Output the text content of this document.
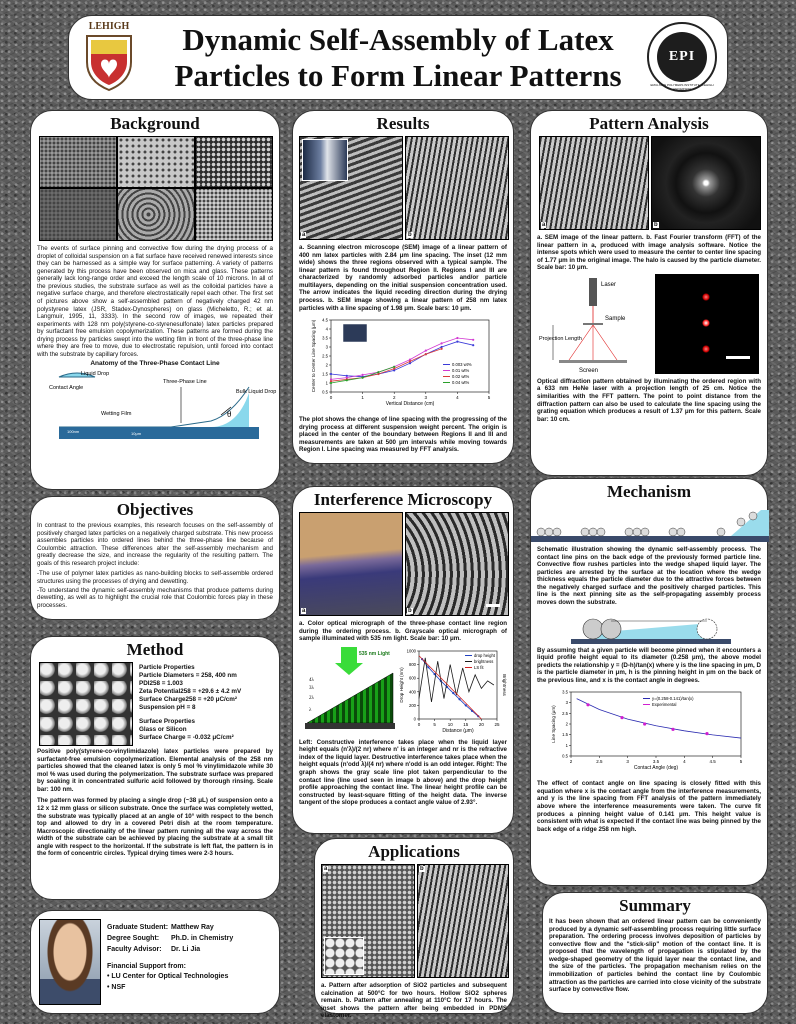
LEHIGH	Dynamic Self-Assembly of Latex
Particles to Form Linear Patterns
EPI
EMULSION POLYMERS INSTITUTE · LEHIGH UNIVERSITY
Background

The events of surface pinning and convective flow during the drying process of a droplet of colloidal suspension on a flat surface have received renewed interests since they can be harnessed as a simple way for surface patterning. A variety of patterns generated by this process have been observed on mica and glass. These patterns generally lack long-range order and exceed the length scale of 10 microns. In all of the previous studies, the substrate surface as well as the colloidal particles have a negative surface charge, and therefore electrostatically repel each other. The first set of pictures above show a self-assembled pattern of negatively charged 42 nm polystyrene latex (JSR, Stadex-Dynospheres) on glass (Micheletto, R.; et al. Langmuir, 1995, 11, 3333). In the second row of images, we repeated their experiments with 128 nm poly(styrene-co-styrenesulfonate) latex particles prepared by surfactant free emulsion copolymerization. These patterns are formed during the drying process by particles swept into the wetting film in front of the three-phase line where they are free to move, due to electrostatic repulsion, until forced into contact with the substrate by capillary forces.

Anatomy of the Three-Phase Contact Line
Liquid Drop
Contact Angle
Three-Phase Line
Bulk Liquid Drop
Wetting Film	θ
100nm	10μm
Objectives

In contrast to the previous examples, this research focuses on the self-assembly of positively charged latex particles on a negatively charged substrate. This new process assembles particles into ordered lines behind the three-phase line because of Coulombic attraction. These differences alter the self-assembly mechanism and greatly decrease the size, and increase the regularity of the resulting pattern. The goals of this research project include:

-The use of polymer latex particles as nano-building blocks to self-assemble ordered structures using the processes of drying and dewetting.

-To understand the dynamic self-assembly mechanisms that produce patterns during dewetting, as well as to highlight the crucial role that Coulombic forces play in these processes.

Method
Particle Properties
Particle Diameters = 258, 400 nm
PDI258 = 1.003
Zeta Potential258 = +29.6 ± 4.2 mV
Surface Charge258 = +20 μC/cm²
Suspension pH = 8
Surface Properties
Glass or Silicon
Surface Charge = -0.032 μC/cm²

Positive poly(styrene-co-vinylimidazole) latex particles were prepared by surfactant-free emulsion copolymerization. Elemental analysis of the 258 nm particles showed that the cleaned latex is only 5 mol % vinylimidazole while 30 mol % was used during the polymerization. The substrate surface was prepared by soaking it in concentrated sulfuric acid followed by thorough rinsing. Scale bar: 100 nm.

The pattern was formed by placing a single drop (~38 μL) of suspension onto a 12 x 12 mm glass or silicon substrate. Once the surface was completely wetted, the substrate was typically placed at an angle of 10° with respect to the bench top and allowed to dry in a covered Petri dish at the room temperature. Macroscopic directionality of the linear pattern running all the way across the width of the substrate can be achieved by placing the substrate at a small tilt angle with respect to the horizontal. If the substrate is left flat, the pattern is in the form of concentric circles. Typical drying times were 2-3 hours.

Graduate Student: Matthew Ray
Degree Sought: Ph.D. in Chemistry
Faculty Advisor: Dr. Li Jia
Financial Support from:
• LU Center for Optical Technologies
• NSF
Results
a	b

a. Scanning electron microscope (SEM) image of a linear pattern of 400 nm latex particles with 2.84 μm line spacing. The inset (12 mm wide) shows the three regions observed with a typical sample. The linear pattern is found throughout Region II. Regions I and III are characterized by randomly adsorbed particles and/or particle multilayers, depending on the initial suspension concentration used. The arrow indicates the liquid receding direction during the drying process. b. SEM image showing a linear pattern of 258 nm latex particles with a line spacing of 1.98 μm. Scale bars: 10 μm.

0	1	2	3	4	5
0.5
1
1.5
2
2.5
3
3.5
4
4.5
Vertical Distance (cm)
Center to Center Line Spacing (μm)	0.003 wt%
0.01 wt%
0.02 wt%
0.04 wt%

The plot shows the change of line spacing with the progressing of the drying process at different suspension weight percent. The origin is placed in the center of the boundary between Regions II and III and measurements are taken at 500 μm intervals while moving towards Region I. Line spacing was measured by FFT analysis.

Interference Microscopy
a	b

a. Color optical micrograph of the three-phase contact line region during the ordering process. b. Grayscale optical micrograph of sample illuminated with 535 nm light. Scale bar: 10 μm.

535 nm Light
3λ
4λ
2λ
λ
0	5	10 15 20 25
0
200
400
600
800
1000
Distance (μm)
Drop Height (nm)	Brightness
drop height
brightness
LS fit

Left: Constructive interference takes place when the liquid layer height equals (n'λ)/(2 nr) where n' is an integer and nr is the refractive index of the liquid layer. Destructive interference takes place when the height equals (n'odd λ)/(4 nr) where n'odd is an odd integer. Right: The graph shows the gray scale line plot taken perpendicular to the contact line (line used seen in image b above) and the drop height profile approaching the contact line. The linear height profile can be constructed by least-square fitting of the height data. The inverse tangent of the slope produces a contact angle value of 2.93°.

Applications
a	b

a. Pattern after adsorption of SiO2 particles and subsequent calcination at 500°C for two hours. Hollow SiO2 spheres remain. b. Pattern after annealing at 110°C for 17 hours. The inset shows the pattern after being embedded in PDMS elastomer.

Pattern Analysis
a	b

a. SEM image of the linear pattern. b. Fast Fourier transform (FFT) of the linear pattern in a, produced with image analysis software. Notice the intense spots which were used to measure the center to center line spacing of 1.77 μm in the original image. The halo is caused by the particle diameter. Scale bar: 10 μm.

Laser
Sample
Projection Length
Screen

Optical diffraction pattern obtained by illuminating the ordered region with a 633 nm HeNe laser with a projection length of 25 cm. Notice the similarities with the FFT pattern. The point to point distance from the diffraction pattern can also be used to calculate the line spacing using the grating equation which produces a result of 1.37 μm for this pattern. Scale bar: 10 cm.

Mechanism

Schematic illustration showing the dynamic self-assembly process. The contact line pins on the back edge of the previously formed particle line. Convective flow rushes particles into the wedge shaped liquid layer. The particles are arrested by the surface at the location where the wedge thickness equals the particle diameter due to the attractive forces between the negatively charged surface and the positively charged particles. This line is the next pinning site as the self-propagating assembly process moves down the substrate.

By assuming that a given particle will become pinned when it encounters a liquid profile height equal to its diameter (0.258 μm), the above model predicts the relationship y = (D-h)/tan(x) where y is the line spacing in μm, D is the particle diameter in μm, h is the pinning height in μm on the back of the previous line, and x is the contact angle in degrees.

2	2.5	3	3.5	4	4.5	5
0.5
1
1.5
2
2.5
3
3.5
Contact Angle (deg)
Line Spacing (μm)
y=(0.258-0.141)/tan(x)
Experimental

The effect of contact angle on line spacing is closely fitted with this equation where x is the contact angle from the interference measurements, and y is the line spacing from FFT analysis of the pattern immediately above where the interference measurements were taken. The curve fit produces a pinning height value of 0.141 μm. This height value is consistent with what is expected if the contact line was being pinned by the back edge of a ridge 258 nm high.

Summary

It has been shown that an ordered linear pattern can be conveniently produced by a dynamic self-assembling process requiring little surface preparation. The ordering process involves deposition of particles by convective flow and the "stick-slip" motion of the contact line. It is proposed that the wavelength of propagation is stipulated by the wedge-shaped geometry of the liquid layer near the contact line, and the size of the particles. The propagation mechanism relies on the immobilization of particles behind the contact line by Coulombic attraction as the particles are carried into close vicinity of the substrate surface by convective flow.
